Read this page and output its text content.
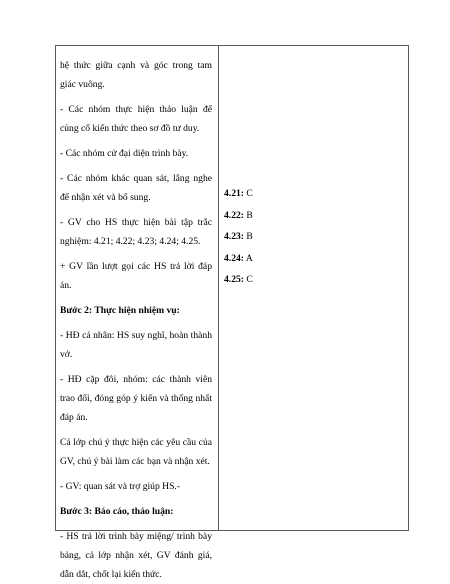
hệ thức giữa cạnh và góc trong tam giác vuông.

- Các nhóm thực hiện thảo luận để củng cố kiến thức theo sơ đồ tư duy.

- Các nhóm cử đại diện trình bày.

- Các nhóm khác quan sát, lắng nghe để nhận xét và bổ sung.

- GV cho HS thực hiện bài tập trắc nghiệm: 4.21; 4.22; 4.23; 4.24; 4.25.

+ GV lần lượt gọi các HS trả lời đáp án.

Bước 2: Thực hiện nhiệm vụ:

- HĐ cá nhân: HS suy nghĩ, hoàn thành vở.

- HĐ cặp đôi, nhóm: các thành viên trao đổi, đóng góp ý kiến và thống nhất đáp án.

Cả lớp chú ý thực hiện các yêu cầu của GV, chú ý bài làm các bạn và nhận xét.

- GV: quan sát và trợ giúp HS.-

Bước 3: Báo cáo, thảo luận:

- HS trả lời trình bày miệng/ trình bày bảng, cả lớp nhận xét, GV đánh giá, dẫn dắt, chốt lại kiến thức.

4.21: C
4.22: B
4.23: B
4.24: A
4.25: C
